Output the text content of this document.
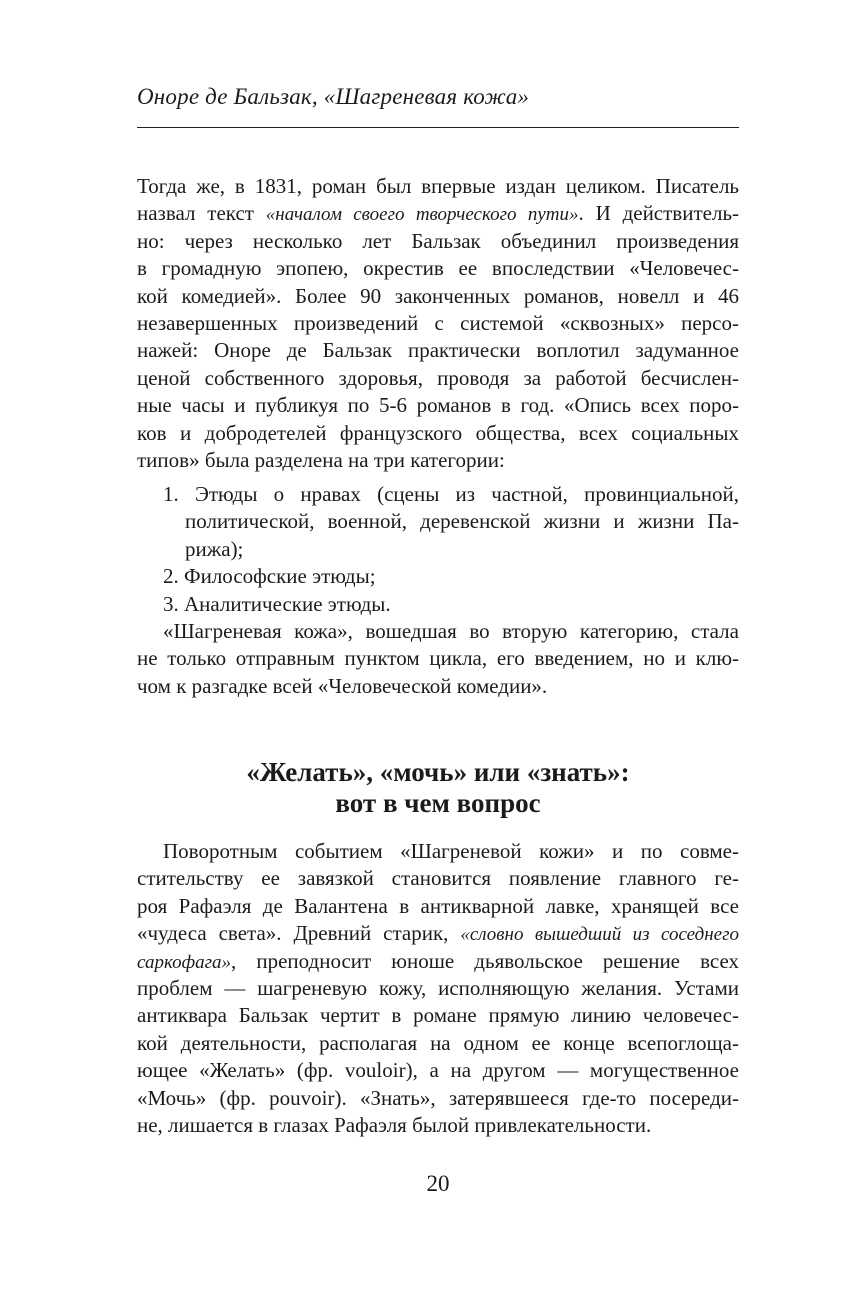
Оноре де Бальзак, «Шагреневая кожа»
Тогда же, в 1831, роман был впервые издан целиком. Писатель
назвал текст «началом своего творческого пути». И действитель-
но: через несколько лет Бальзак объединил произведения
в громадную эпопею, окрестив ее впоследствии «Человечес-
кой комедией». Более 90 законченных романов, новелл и 46
незавершенных произведений с системой «сквозных» персо-
нажей: Оноре де Бальзак практически воплотил задуманное
ценой собственного здоровья, проводя за работой бесчислен-
ные часы и публикуя по 5-6 романов в год. «Опись всех поро-
ков и добродетелей французского общества, всех социальных
типов» была разделена на три категории:
1. Этюды о нравах (сцены из частной, провинциальной,
политической, военной, деревенской жизни и жизни Па-
рижа);
2. Философские этюды;
3. Аналитические этюды.
«Шагреневая кожа», вошедшая во вторую категорию, стала
не только отправным пунктом цикла, его введением, но и клю-
чом к разгадке всей «Человеческой комедии».
«Желать», «мочь» или «знать»:
вот в чем вопрос
Поворотным событием «Шагреневой кожи» и по совме-
стительству ее завязкой становится появление главного ге-
роя Рафаэля де Валантена в антикварной лавке, хранящей все
«чудеса света». Древний старик, «словно вышедший из соседнего
саркофага», преподносит юноше дьявольское решение всех
проблем — шагреневую кожу, исполняющую желания. Устами
антиквара Бальзак чертит в романе прямую линию человечес-
кой деятельности, располагая на одном ее конце всепоглоща-
ющее «Желать» (фр. vouloir), а на другом — могущественное
«Мочь» (фр. pouvoir). «Знать», затерявшееся где-то посереди-
не, лишается в глазах Рафаэля былой привлекательности.
20
